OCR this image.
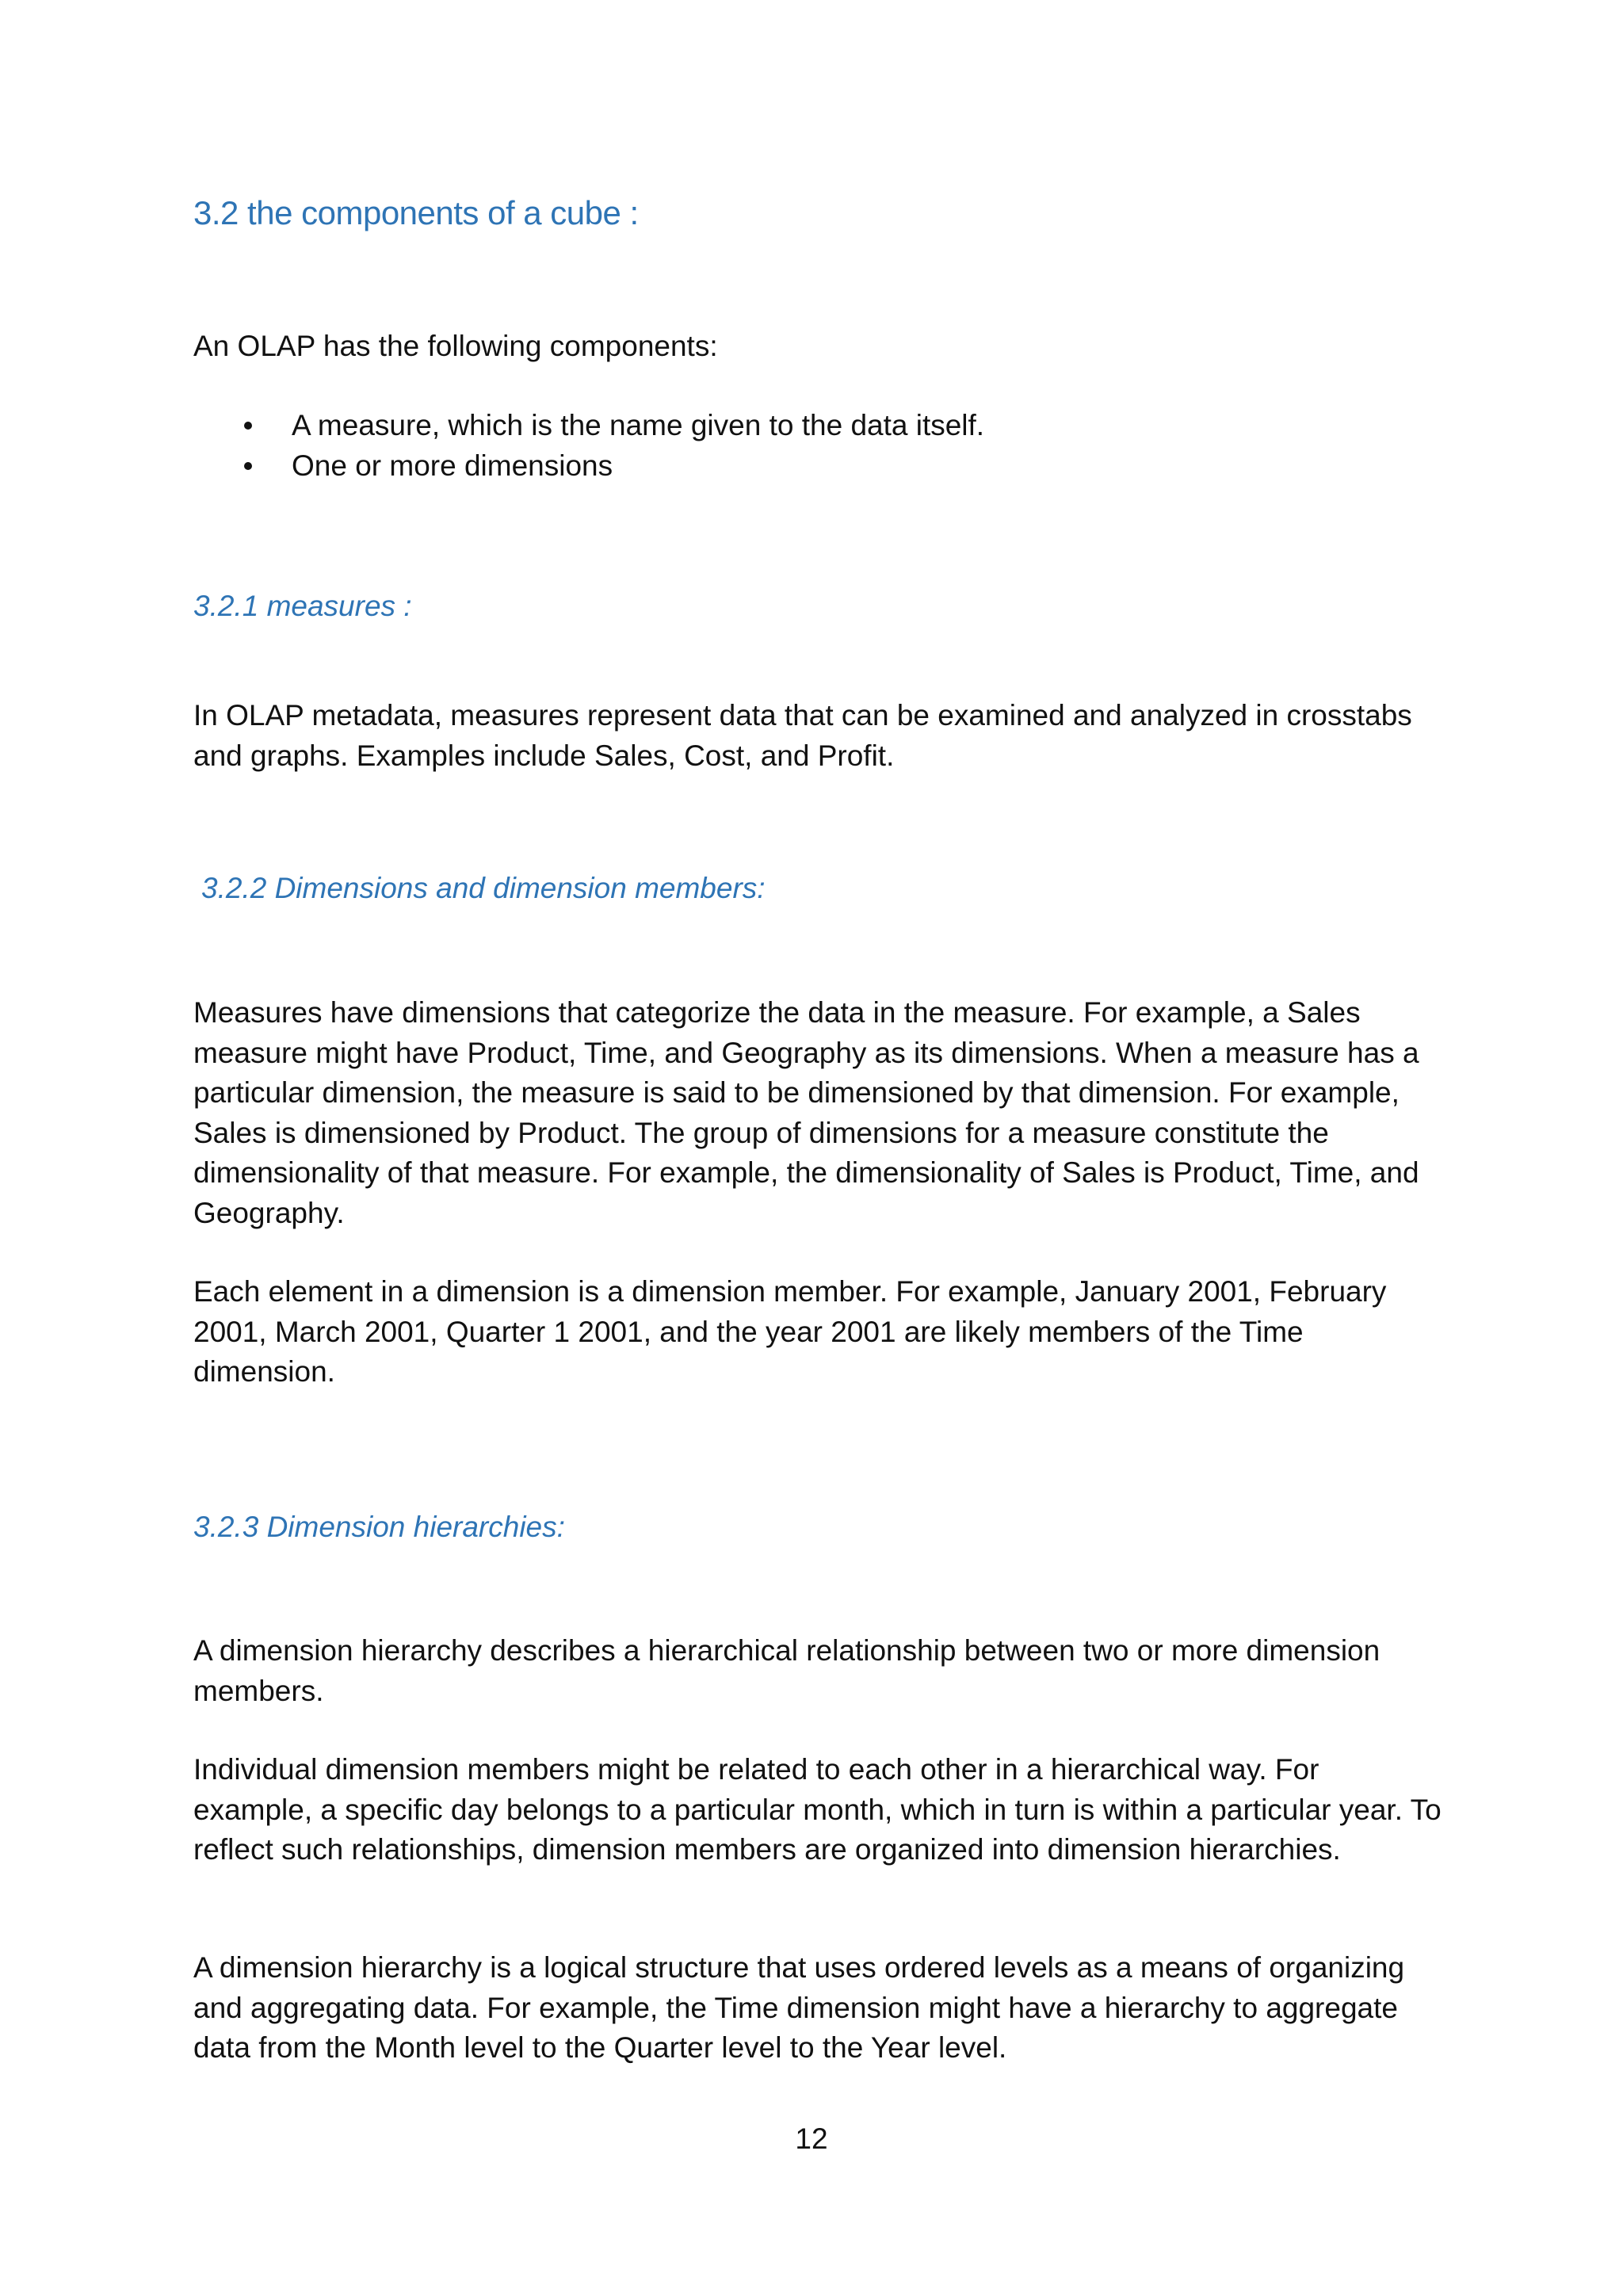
3.2 the components of a cube :

An OLAP has the following components:

A measure, which is the name given to the data itself.
One or more dimensions
3.2.1 measures :

In OLAP metadata, measures represent data that can be examined and analyzed in crosstabs and graphs. Examples include Sales, Cost, and Profit.

3.2.2 Dimensions and dimension members:

Measures have dimensions that categorize the data in the measure. For example, a Sales measure might have Product, Time, and Geography as its dimensions. When a measure has a particular dimension, the measure is said to be dimensioned by that dimension. For example, Sales is dimensioned by Product. The group of dimensions for a measure constitute the dimensionality of that measure. For example, the dimensionality of Sales is Product, Time, and Geography.

Each element in a dimension is a dimension member. For example, January 2001, February 2001, March 2001, Quarter 1 2001, and the year 2001 are likely members of the Time dimension.

3.2.3 Dimension hierarchies:

A dimension hierarchy describes a hierarchical relationship between two or more dimension members.

Individual dimension members might be related to each other in a hierarchical way. For example, a specific day belongs to a particular month, which in turn is within a particular year. To reflect such relationships, dimension members are organized into dimension hierarchies.

A dimension hierarchy is a logical structure that uses ordered levels as a means of organizing and aggregating data. For example, the Time dimension might have a hierarchy to aggregate data from the Month level to the Quarter level to the Year level.

12
